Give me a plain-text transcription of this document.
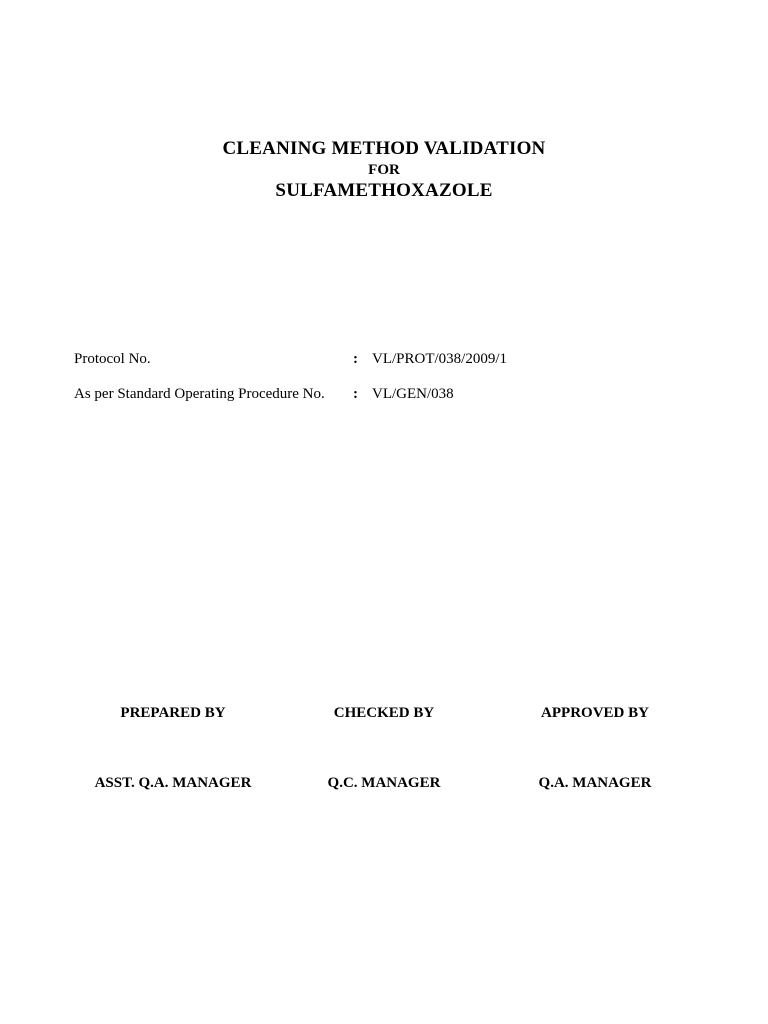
CLEANING METHOD VALIDATION
FOR
SULFAMETHOXAZOLE
Protocol No.	: VL/PROT/038/2009/1
As per Standard Operating Procedure No. : VL/GEN/038
PREPARED BY	CHECKED BY	APPROVED BY
ASST. Q.A. MANAGER	Q.C. MANAGER	Q.A. MANAGER
